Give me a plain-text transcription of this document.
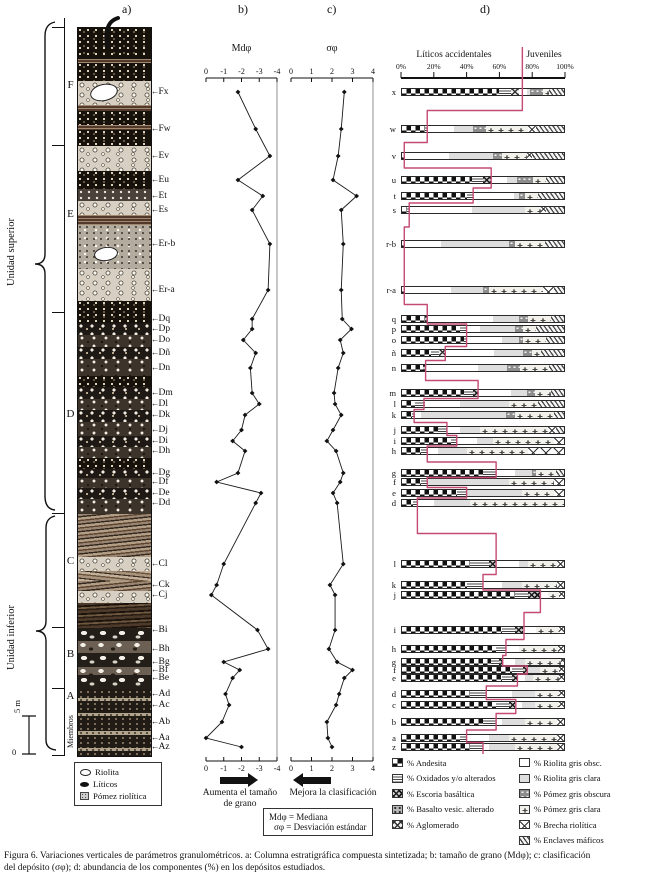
a)	b)	c)	d)
Unidad superior
Unidad inferior
Miembros
5 m
0
F
E
D
C
B
A
←Fx
←Fw
←Ev
←Eu
←Et
←Es
←Er-b
←Er-a
←Dq
←Dp
←Do
←Dñ
←Dn
←Dm
←Dl
←Dk
←Dj
←Di
←Dh
←Dg
←Df
←De
←Dd
←Cl
←Ck
←Cj
←Bi
←Bh
←Bg
←Bf
←Be
←Ad
←Ac
←Ab
←Aa
←Az
x
w
v
u
t
s
r-b
r-a
q
p
o
ñ
n
m
l
k
j
i
h
g
f
e
d
l
k
j
i
h
g
f
e
d
c
b
a
z
Mdφ	σφ
Líticos accidentales	Juveniles
0
0
-1
-1
-2
-2
-3
-3
-4
-4
0
0
1
1
2
2
3
3
4
4
0%	20%	40%	60%	80% 100%
Aumenta el tamaño
de grano
Mejora la clasificación
Mdφ = Mediana
σφ = Desviación estándar
Riolita
Líticos
Pómez riolítica
% Andesita
% Oxidados y/o alterados
% Escoria basáltica
% Basalto vesic. alterado
% Aglomerado
% Riolita gris obsc.
% Riolita gris clara
% Pómez gris obscura
% Pómez gris clara
% Brecha riolítica
% Enclaves máficos
Figura 6. Variaciones verticales de parámetros granulométricos. a: Columna estratigráfica compuesta sintetizada; b: tamaño de grano (Mdφ); c: clasificación
del depósito (σφ); d: abundancia de los componentes (%) en los depósitos estudiados.
